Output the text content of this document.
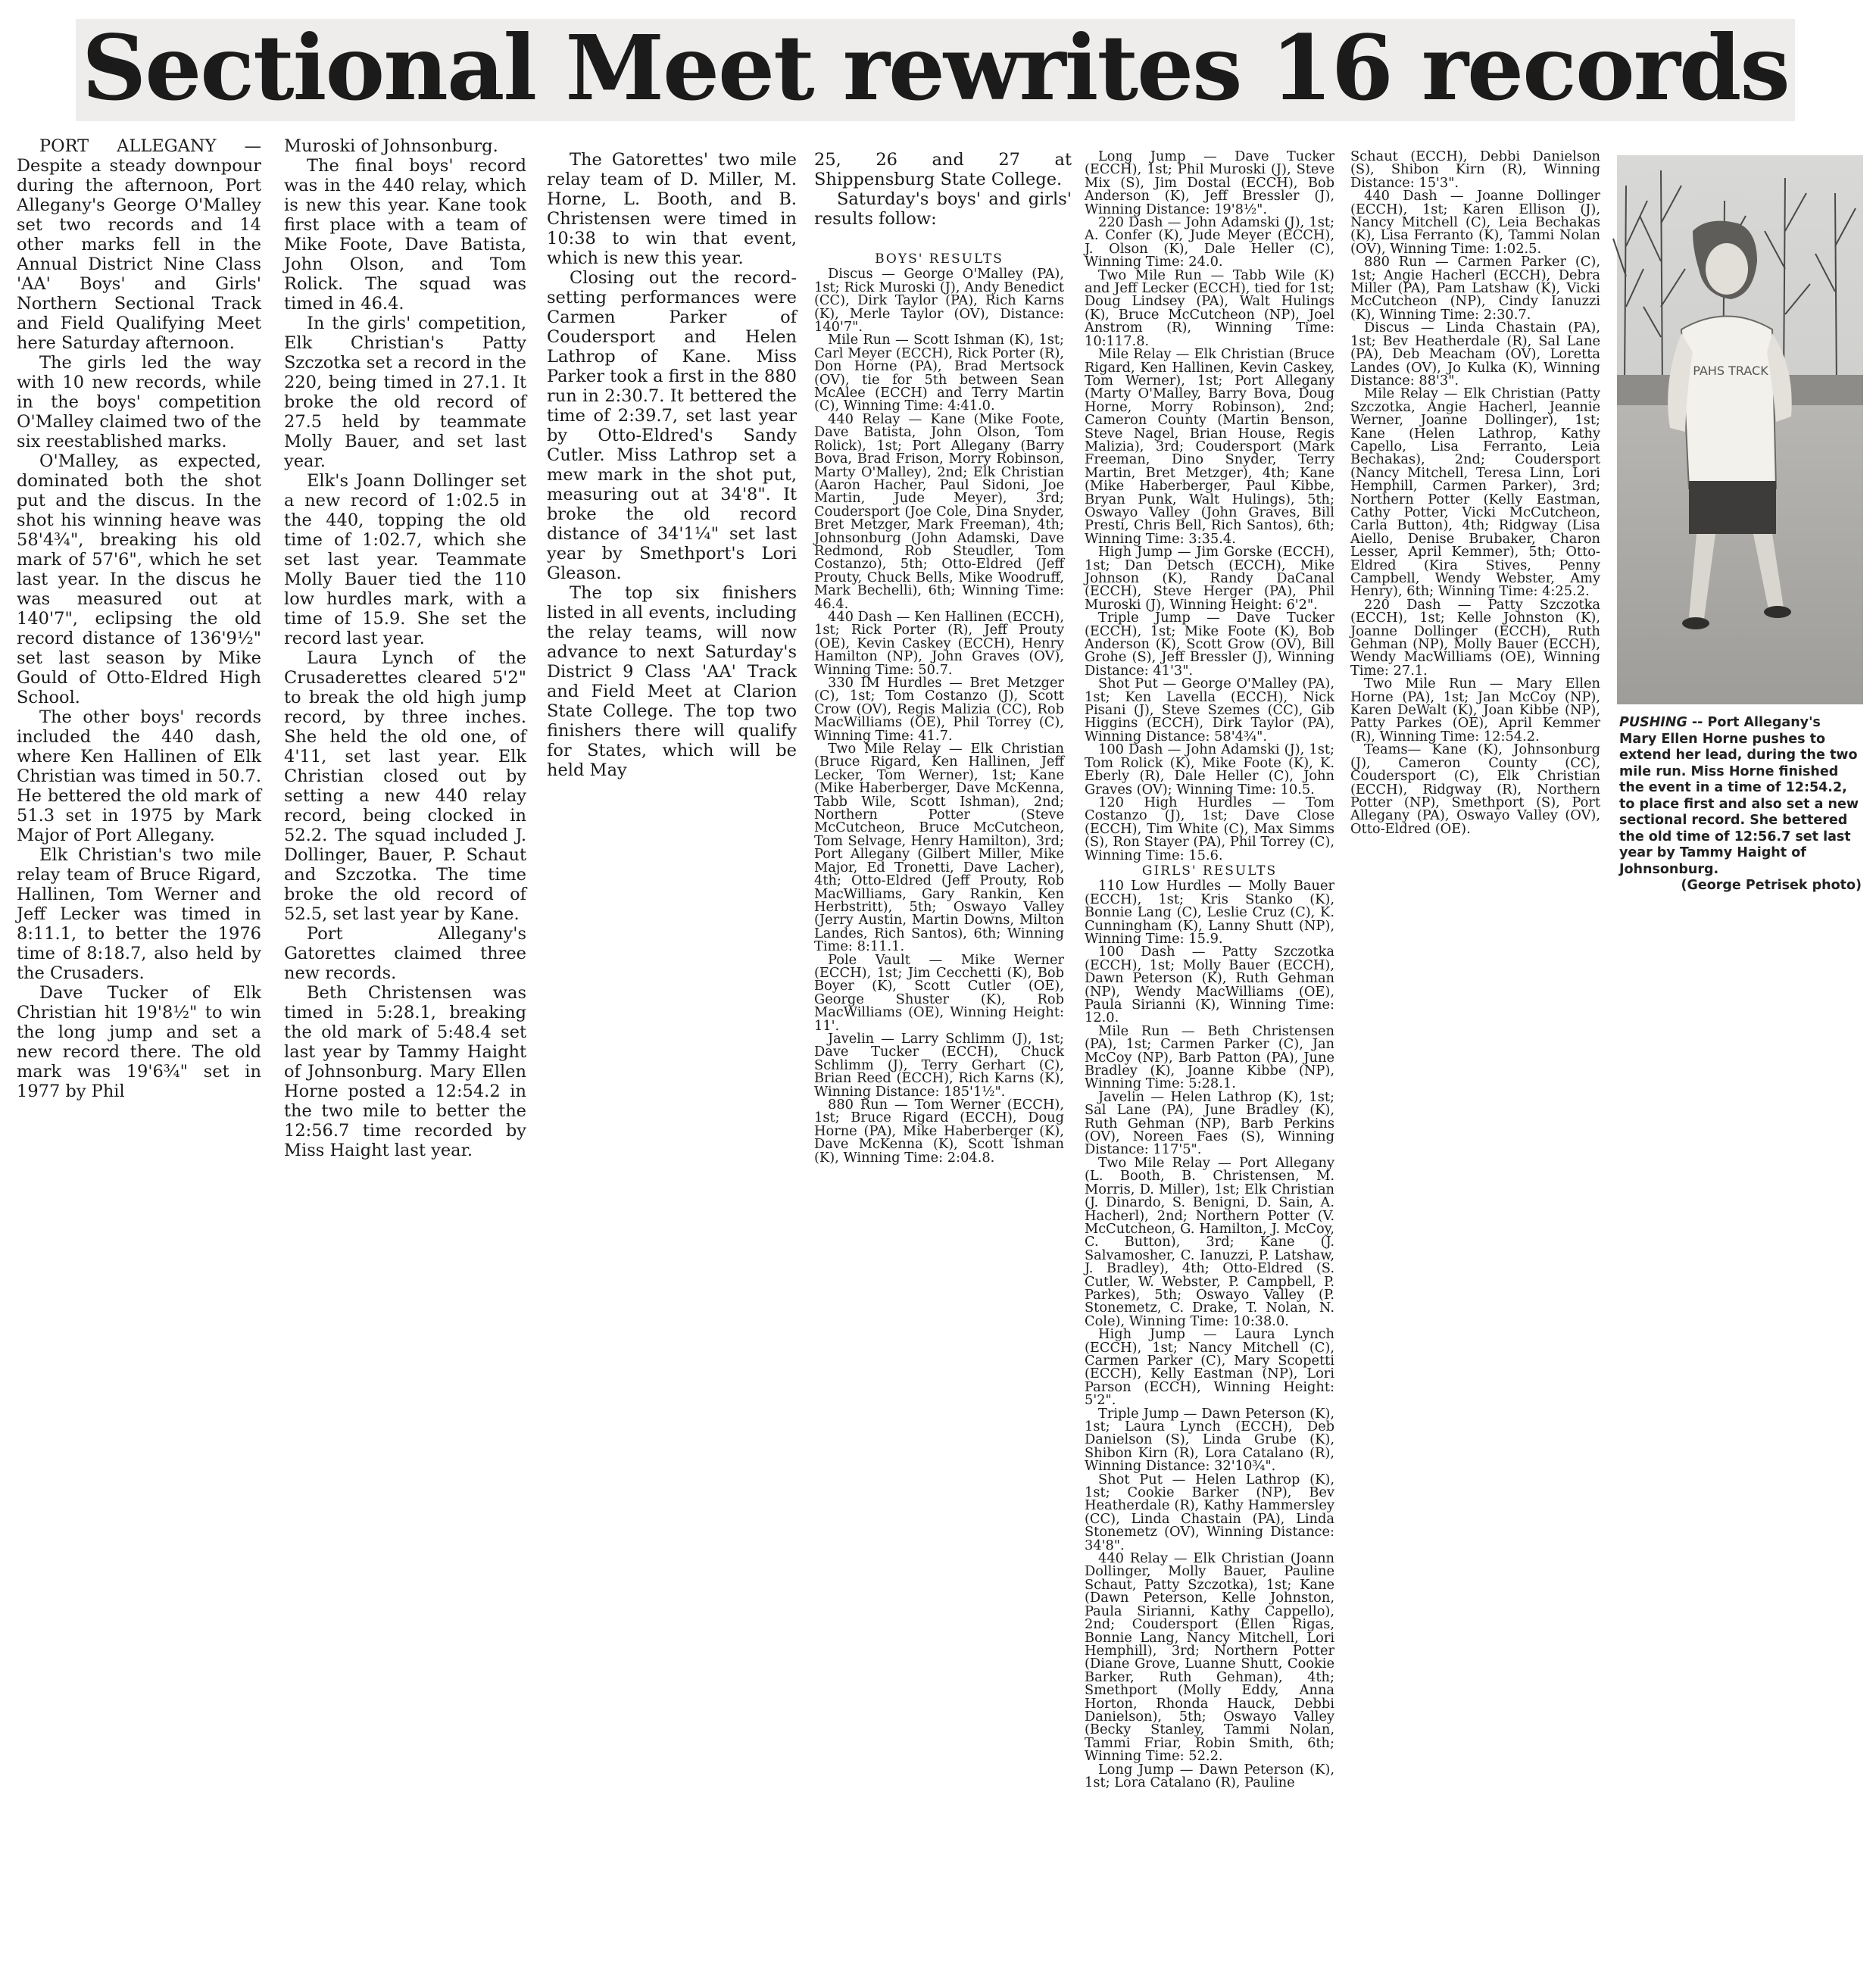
Sectional Meet rewrites 16 records

PORT ALLEGANY — Despite a steady downpour during the afternoon, Port Allegany's George O'Malley set two records and 14 other marks fell in the Annual District Nine Class 'AA' Boys' and Girls' Northern Sectional Track and Field Qualifying Meet here Saturday afternoon.

The girls led the way with 10 new records, while in the boys' competition O'Malley claimed two of the six reestablished marks.

O'Malley, as expected, dominated both the shot put and the discus. In the shot his winning heave was 58'4¾", breaking his old mark of 57'6", which he set last year. In the discus he was measured out at 140'7", eclipsing the old record distance of 136'9½" set last season by Mike Gould of Otto-Eldred High School.

The other boys' records included the 440 dash, where Ken Hallinen of Elk Christian was timed in 50.7. He bettered the old mark of 51.3 set in 1975 by Mark Major of Port Allegany.

Elk Christian's two mile relay team of Bruce Rigard, Hallinen, Tom Werner and Jeff Lecker was timed in 8:11.1, to better the 1976 time of 8:18.7, also held by the Crusaders.

Dave Tucker of Elk Christian hit 19'8½" to win the long jump and set a new record there. The old mark was 19'6¾" set in 1977 by Phil

Muroski of Johnsonburg.

The final boys' record was in the 440 relay, which is new this year. Kane took first place with a team of Mike Foote, Dave Batista, John Olson, and Tom Rolick. The squad was timed in 46.4.

In the girls' competition, Elk Christian's Patty Szczotka set a record in the 220, being timed in 27.1. It broke the old record of 27.5 held by teammate Molly Bauer, and set last year.

Elk's Joann Dollinger set a new record of 1:02.5 in the 440, topping the old time of 1:02.7, which she set last year. Teammate Molly Bauer tied the 110 low hurdles mark, with a time of 15.9. She set the record last year.

Laura Lynch of the Crusaderettes cleared 5'2" to break the old high jump record, by three inches. She held the old one, of 4'11, set last year. Elk Christian closed out by setting a new 440 relay record, being clocked in 52.2. The squad included J. Dollinger, Bauer, P. Schaut and Szczotka. The time broke the old record of 52.5, set last year by Kane.

Port Allegany's Gatorettes claimed three new records.

Beth Christensen was timed in 5:28.1, breaking the old mark of 5:48.4 set last year by Tammy Haight of Johnsonburg. Mary Ellen Horne posted a 12:54.2 in the two mile to better the 12:56.7 time recorded by Miss Haight last year.

The Gatorettes' two mile relay team of D. Miller, M. Horne, L. Booth, and B. Christensen were timed in 10:38 to win that event, which is new this year.

Closing out the record-setting performances were Carmen Parker of Coudersport and Helen Lathrop of Kane. Miss Parker took a first in the 880 run in 2:30.7. It bettered the time of 2:39.7, set last year by Otto-Eldred's Sandy Cutler. Miss Lathrop set a mew mark in the shot put, measuring out at 34'8". It broke the old record distance of 34'1¼" set last year by Smethport's Lori Gleason.

The top six finishers listed in all events, including the relay teams, will now advance to next Saturday's District 9 Class 'AA' Track and Field Meet at Clarion State College. The top two finishers there will qualify for States, which will be held May

25, 26 and 27 at Shippensburg State College.

Saturday's boys' and girls' results follow:

BOYS' RESULTS

Discus — George O'Malley (PA), 1st; Rick Muroski (J), Andy Benedict (CC), Dirk Taylor (PA), Rich Karns (K), Merle Taylor (OV), Distance: 140'7".

Mile Run — Scott Ishman (K), 1st; Carl Meyer (ECCH), Rick Porter (R), Don Horne (PA), Brad Mertsock (OV), tie for 5th between Sean McAlee (ECCH) and Terry Martin (C), Winning Time: 4:41.0.

440 Relay — Kane (Mike Foote, Dave Batista, John Olson, Tom Rolick), 1st; Port Allegany (Barry Bova, Brad Frison, Morry Robinson, Marty O'Malley), 2nd; Elk Christian (Aaron Hacher, Paul Sidoni, Joe Martin, Jude Meyer), 3rd; Coudersport (Joe Cole, Dina Snyder, Bret Metzger, Mark Freeman), 4th; Johnsonburg (John Adamski, Dave Redmond, Rob Steudler, Tom Costanzo), 5th; Otto-Eldred (Jeff Prouty, Chuck Bells, Mike Woodruff, Mark Bechelli), 6th; Winning Time: 46.4.

440 Dash — Ken Hallinen (ECCH), 1st; Rick Porter (R), Jeff Prouty (OE), Kevin Caskey (ECCH), Henry Hamilton (NP), John Graves (OV), Winning Time: 50.7.

330 IM Hurdles — Bret Metzger (C), 1st; Tom Costanzo (J), Scott Crow (OV), Regis Malizia (CC), Rob MacWilliams (OE), Phil Torrey (C), Winning Time: 41.7.

Two Mile Relay — Elk Christian (Bruce Rigard, Ken Hallinen, Jeff Lecker, Tom Werner), 1st; Kane (Mike Haberberger, Dave McKenna, Tabb Wile, Scott Ishman), 2nd; Northern Potter (Steve McCutcheon, Bruce McCutcheon, Tom Selvage, Henry Hamilton), 3rd; Port Allegany (Gilbert Miller, Mike Major, Ed Tronetti, Dave Lacher), 4th; Otto-Eldred (Jeff Prouty, Rob MacWilliams, Gary Rankin, Ken Herbstritt), 5th; Oswayo Valley (Jerry Austin, Martin Downs, Milton Landes, Rich Santos), 6th; Winning Time: 8:11.1.

Pole Vault — Mike Werner (ECCH), 1st; Jim Cecchetti (K), Bob Boyer (K), Scott Cutler (OE), George Shuster (K), Rob MacWilliams (OE), Winning Height: 11'.

Javelin — Larry Schlimm (J), 1st; Dave Tucker (ECCH), Chuck Schlimm (J), Terry Gerhart (C), Brian Reed (ECCH), Rich Karns (K), Winning Distance: 185'1½".

880 Run — Tom Werner (ECCH), 1st; Bruce Rigard (ECCH), Doug Horne (PA), Mike Haberberger (K), Dave McKenna (K), Scott Ishman (K), Winning Time: 2:04.8.

Long Jump — Dave Tucker (ECCH), 1st; Phil Muroski (J), Steve Mix (S), Jim Dostal (ECCH), Bob Anderson (K), Jeff Bressler (J), Winning Distance: 19'8½".

220 Dash — John Adamski (J), 1st; A. Confer (K), Jude Meyer (ECCH), J. Olson (K), Dale Heller (C), Winning Time: 24.0.

Two Mile Run — Tabb Wile (K) and Jeff Lecker (ECCH), tied for 1st; Doug Lindsey (PA), Walt Hulings (K), Bruce McCutcheon (NP), Joel Anstrom (R), Winning Time: 10:117.8.

Mile Relay — Elk Christian (Bruce Rigard, Ken Hallinen, Kevin Caskey, Tom Werner), 1st; Port Allegany (Marty O'Malley, Barry Bova, Doug Horne, Morry Robinson), 2nd; Cameron County (Martin Benson, Steve Nagel, Brian House, Regis Malizia), 3rd; Coudersport (Mark Freeman, Dino Snyder, Terry Martin, Bret Metzger), 4th; Kane (Mike Haberberger, Paul Kibbe, Bryan Punk, Walt Hulings), 5th; Oswayo Valley (John Graves, Bill Presti, Chris Bell, Rich Santos), 6th; Winning Time: 3:35.4.

High Jump — Jim Gorske (ECCH), 1st; Dan Detsch (ECCH), Mike Johnson (K), Randy DaCanal (ECCH), Steve Herger (PA), Phil Muroski (J), Winning Height: 6'2".

Triple Jump — Dave Tucker (ECCH), 1st; Mike Foote (K), Bob Anderson (K), Scott Grow (OV), Bill Grohe (S), Jeff Bressler (J), Winning Distance: 41'3".

Shot Put — George O'Malley (PA), 1st; Ken Lavella (ECCH), Nick Pisani (J), Steve Szemes (CC), Gib Higgins (ECCH), Dirk Taylor (PA), Winning Distance: 58'4¾".

100 Dash — John Adamski (J), 1st; Tom Rolick (K), Mike Foote (K), K. Eberly (R), Dale Heller (C), John Graves (OV); Winning Time: 10.5.

120 High Hurdles — Tom Costanzo (J), 1st; Dave Close (ECCH), Tim White (C), Max Simms (S), Ron Stayer (PA), Phil Torrey (C), Winning Time: 15.6.

GIRLS' RESULTS

110 Low Hurdles — Molly Bauer (ECCH), 1st; Kris Stanko (K), Bonnie Lang (C), Leslie Cruz (C), K. Cunningham (K), Lanny Shutt (NP), Winning Time: 15.9.

100 Dash — Patty Szczotka (ECCH), 1st; Molly Bauer (ECCH), Dawn Peterson (K), Ruth Gehman (NP), Wendy MacWilliams (OE), Paula Sirianni (K), Winning Time: 12.0.

Mile Run — Beth Christensen (PA), 1st; Carmen Parker (C), Jan McCoy (NP), Barb Patton (PA), June Bradley (K), Joanne Kibbe (NP), Winning Time: 5:28.1.

Javelin — Helen Lathrop (K), 1st; Sal Lane (PA), June Bradley (K), Ruth Gehman (NP), Barb Perkins (OV), Noreen Faes (S), Winning Distance: 117'5".

Two Mile Relay — Port Allegany (L. Booth, B. Christensen, M. Morris, D. Miller), 1st; Elk Christian (J. Dinardo, S. Benigni, D. Sain, A. Hacherl), 2nd; Northern Potter (V. McCutcheon, G. Hamilton, J. McCoy, C. Button), 3rd; Kane (J. Salvamosher, C. Ianuzzi, P. Latshaw, J. Bradley), 4th; Otto-Eldred (S. Cutler, W. Webster, P. Campbell, P. Parkes), 5th; Oswayo Valley (P. Stonemetz, C. Drake, T. Nolan, N. Cole), Winning Time: 10:38.0.

High Jump — Laura Lynch (ECCH), 1st; Nancy Mitchell (C), Carmen Parker (C), Mary Scopetti (ECCH), Kelly Eastman (NP), Lori Parson (ECCH), Winning Height: 5'2".

Triple Jump — Dawn Peterson (K), 1st; Laura Lynch (ECCH), Deb Danielson (S), Linda Grube (K), Shibon Kirn (R), Lora Catalano (R), Winning Distance: 32'10¾".

Shot Put — Helen Lathrop (K), 1st; Cookie Barker (NP), Bev Heatherdale (R), Kathy Hammersley (CC), Linda Chastain (PA), Linda Stonemetz (OV), Winning Distance: 34'8".

440 Relay — Elk Christian (Joann Dollinger, Molly Bauer, Pauline Schaut, Patty Szczotka), 1st; Kane (Dawn Peterson, Kelle Johnston, Paula Sirianni, Kathy Cappello), 2nd; Coudersport (Ellen Rigas, Bonnie Lang, Nancy Mitchell, Lori Hemphill), 3rd; Northern Potter (Diane Grove, Luanne Shutt, Cookie Barker, Ruth Gehman), 4th; Smethport (Molly Eddy, Anna Horton, Rhonda Hauck, Debbi Danielson), 5th; Oswayo Valley (Becky Stanley, Tammi Nolan, Tammi Friar, Robin Smith, 6th; Winning Time: 52.2.

Long Jump — Dawn Peterson (K), 1st; Lora Catalano (R), Pauline

Schaut (ECCH), Debbi Danielson (S), Shibon Kirn (R), Winning Distance: 15'3".

440 Dash — Joanne Dollinger (ECCH), 1st; Karen Ellison (J), Nancy Mitchell (C), Leia Bechakas (K), Lisa Ferranto (K), Tammi Nolan (OV), Winning Time: 1:02.5.

880 Run — Carmen Parker (C), 1st; Angie Hacherl (ECCH), Debra Miller (PA), Pam Latshaw (K), Vicki McCutcheon (NP), Cindy Ianuzzi (K), Winning Time: 2:30.7.

Discus — Linda Chastain (PA), 1st; Bev Heatherdale (R), Sal Lane (PA), Deb Meacham (OV), Loretta Landes (OV), Jo Kulka (K), Winning Distance: 88'3".

Mile Relay — Elk Christian (Patty Szczotka, Angie Hacherl, Jeannie Werner, Joanne Dollinger), 1st; Kane (Helen Lathrop, Kathy Capello, Lisa Ferranto, Leia Bechakas), 2nd; Coudersport (Nancy Mitchell, Teresa Linn, Lori Hemphill, Carmen Parker), 3rd; Northern Potter (Kelly Eastman, Cathy Potter, Vicki McCutcheon, Carla Button), 4th; Ridgway (Lisa Aiello, Denise Brubaker, Charon Lesser, April Kemmer), 5th; Otto-Eldred (Kira Stives, Penny Campbell, Wendy Webster, Amy Henry), 6th; Winning Time: 4:25.2.

220 Dash — Patty Szczotka (ECCH), 1st; Kelle Johnston (K), Joanne Dollinger (ECCH), Ruth Gehman (NP), Molly Bauer (ECCH), Wendy MacWilliams (OE), Winning Time: 27.1.

Two Mile Run — Mary Ellen Horne (PA), 1st; Jan McCoy (NP), Karen DeWalt (K), Joan Kibbe (NP), Patty Parkes (OE), April Kemmer (R), Winning Time: 12:54.2.

Teams— Kane (K), Johnsonburg (J), Cameron County (CC), Coudersport (C), Elk Christian (ECCH), Ridgway (R), Northern Potter (NP), Smethport (S), Port Allegany (PA), Oswayo Valley (OV), Otto-Eldred (OE).

PAHS TRACK
PUSHING -- Port Allegany's Mary Ellen Horne pushes to extend her lead, during the two mile run. Miss Horne finished the event in a time of 12:54.2, to place first and also set a new sectional record. She bettered the old time of 12:56.7 set last year by Tammy Haight of Johnsonburg.
(George Petrisek photo)
